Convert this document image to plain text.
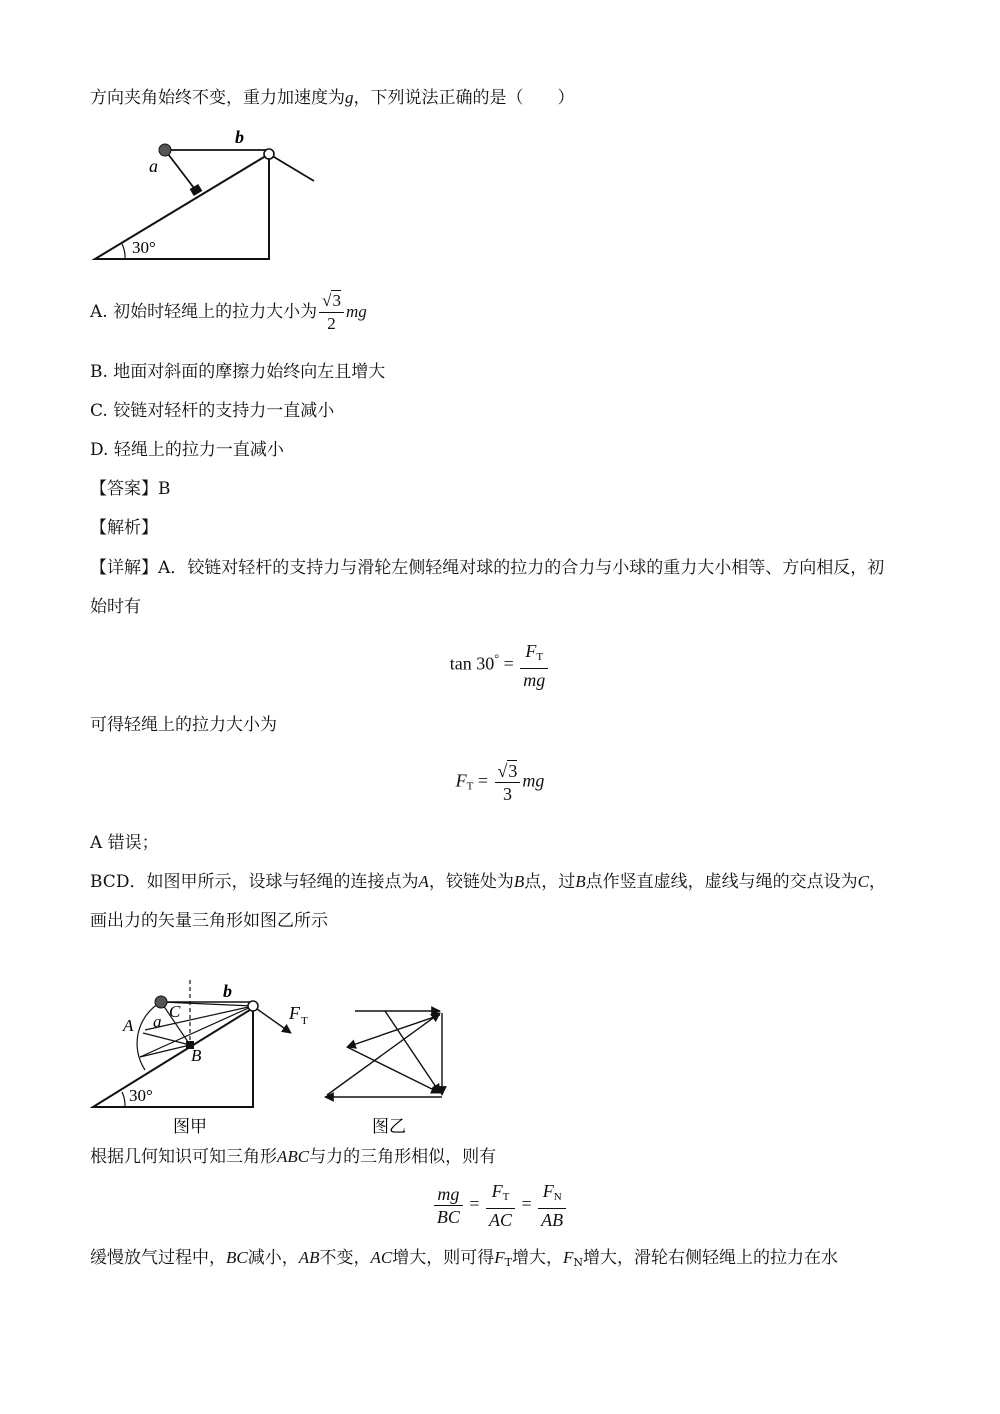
方向夹角始终不变，重力加速度为g，下列说法正确的是（　　）
a
b
30°
A. 初始时轻绳上的拉力大小为 $\frac{√3}{2}$ mg
B. 地面对斜面的摩擦力始终向左且增大
C. 铰链对轻杆的支持力一直减小
D. 轻绳上的拉力一直减小
【答案】B
【解析】
【详解】A．铰链对轻杆的支持力与滑轮左侧轻绳对球的拉力的合力与小球的重力大小相等、方向相反，初
始时有
$\tan 30^\circ = \frac{F_T}{mg}$
可得轻绳上的拉力大小为
$F_T = \frac{√3}{3}$ mg
A 错误；
BCD．如图甲所示，设球与轻绳的连接点为A，铰链处为B点，过B点作竖直虚线，虚线与绳的交点设为C，
画出力的矢量三角形如图乙所示
b
C
A a
B
F T
30°
图甲	图乙
根据几何知识可知三角形ABC与力的三角形相似，则有
$\frac{mg}{BC} = \frac{F_T}{AC} = \frac{F_N}{AB}$
缓慢放气过程中，BC减小，AB不变，AC增大，则可得$F_T$增大，$F_N$增大，滑轮右侧轻绳上的拉力在水
